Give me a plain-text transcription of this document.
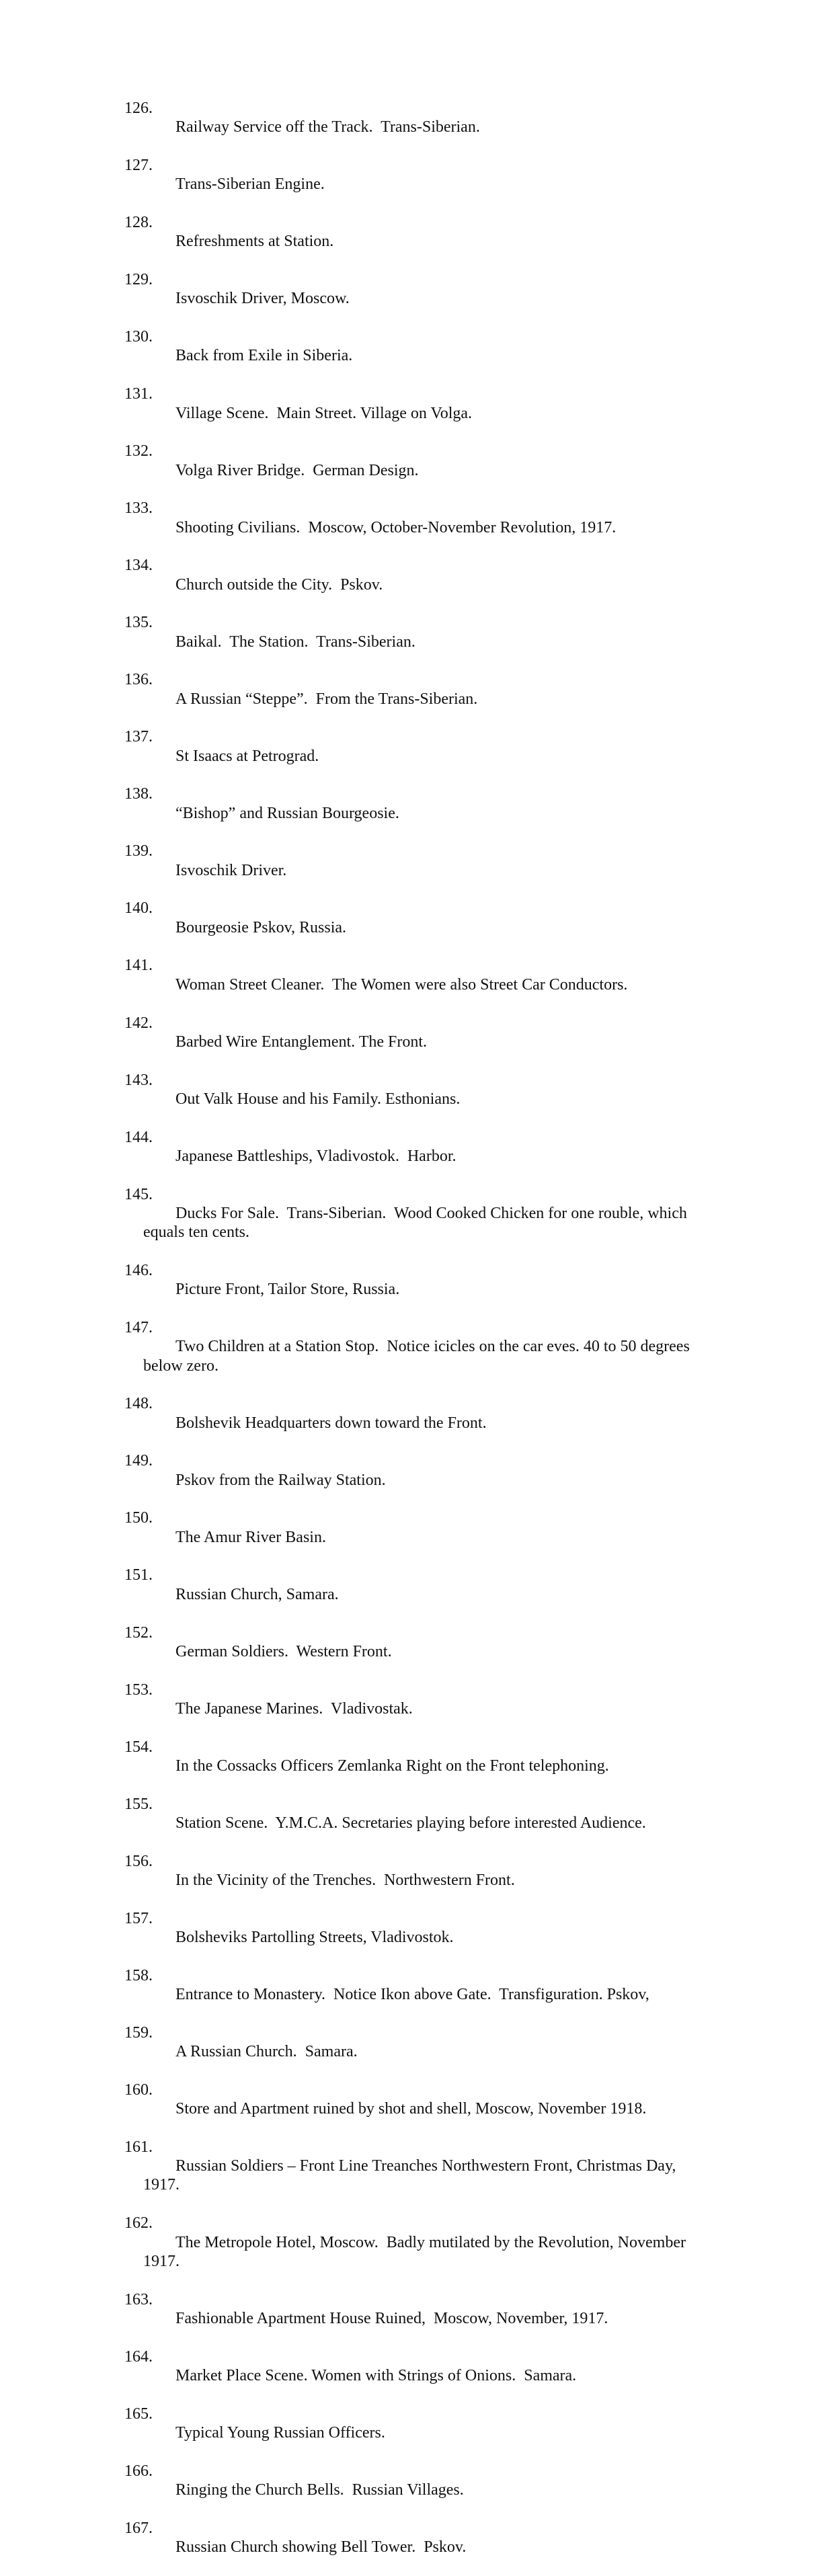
126.
Railway Service off the Track.  Trans-Siberian.

127.
Trans-Siberian Engine.

128.
Refreshments at Station.

129.
Isvoschik Driver, Moscow.

130.
Back from Exile in Siberia.

131.
Village Scene.  Main Street. Village on Volga.

132.
Volga River Bridge.  German Design.

133.
Shooting Civilians.  Moscow, October-November Revolution, 1917.

134.
Church outside the City.  Pskov.

135.
Baikal.  The Station.  Trans-Siberian.

136.
A Russian “Steppe”.  From the Trans-Siberian.

137.
St Isaacs at Petrograd.

138.
“Bishop” and Russian Bourgeosie.

139.
Isvoschik Driver.

140.
Bourgeosie Pskov, Russia.

141.
Woman Street Cleaner.  The Women were also Street Car Conductors.

142.
Barbed Wire Entanglement. The Front.

143.
Out Valk House and his Family. Esthonians.

144.
Japanese Battleships, Vladivostok.  Harbor.

145.
Ducks For Sale.  Trans-Siberian.  Wood Cooked Chicken for one rouble, which
equals ten cents.

146.
Picture Front, Tailor Store, Russia.

147.
Two Children at a Station Stop.  Notice icicles on the car eves. 40 to 50 degrees
below zero.

148.
Bolshevik Headquarters down toward the Front.

149.
Pskov from the Railway Station.

150.
The Amur River Basin.

151.
Russian Church, Samara.

152.
German Soldiers.  Western Front.

153.
The Japanese Marines.  Vladivostak.

154.
In the Cossacks Officers Zemlanka Right on the Front telephoning.

155.
Station Scene.  Y.M.C.A. Secretaries playing before interested Audience.

156.
In the Vicinity of the Trenches.  Northwestern Front.

157.
Bolsheviks Partolling Streets, Vladivostok.

158.
Entrance to Monastery.  Notice Ikon above Gate.  Transfiguration. Pskov,

159.
A Russian Church.  Samara.

160.
Store and Apartment ruined by shot and shell, Moscow, November 1918.

161.
Russian Soldiers – Front Line Treanches Northwestern Front, Christmas Day,
1917.

162.
The Metropole Hotel, Moscow.  Badly mutilated by the Revolution, November
1917.

163.
Fashionable Apartment House Ruined,  Moscow, November, 1917.

164.
Market Place Scene. Women with Strings of Onions.  Samara.

165.
Typical Young Russian Officers.

166.
Ringing the Church Bells.  Russian Villages.

167.
Russian Church showing Bell Tower.  Pskov.
